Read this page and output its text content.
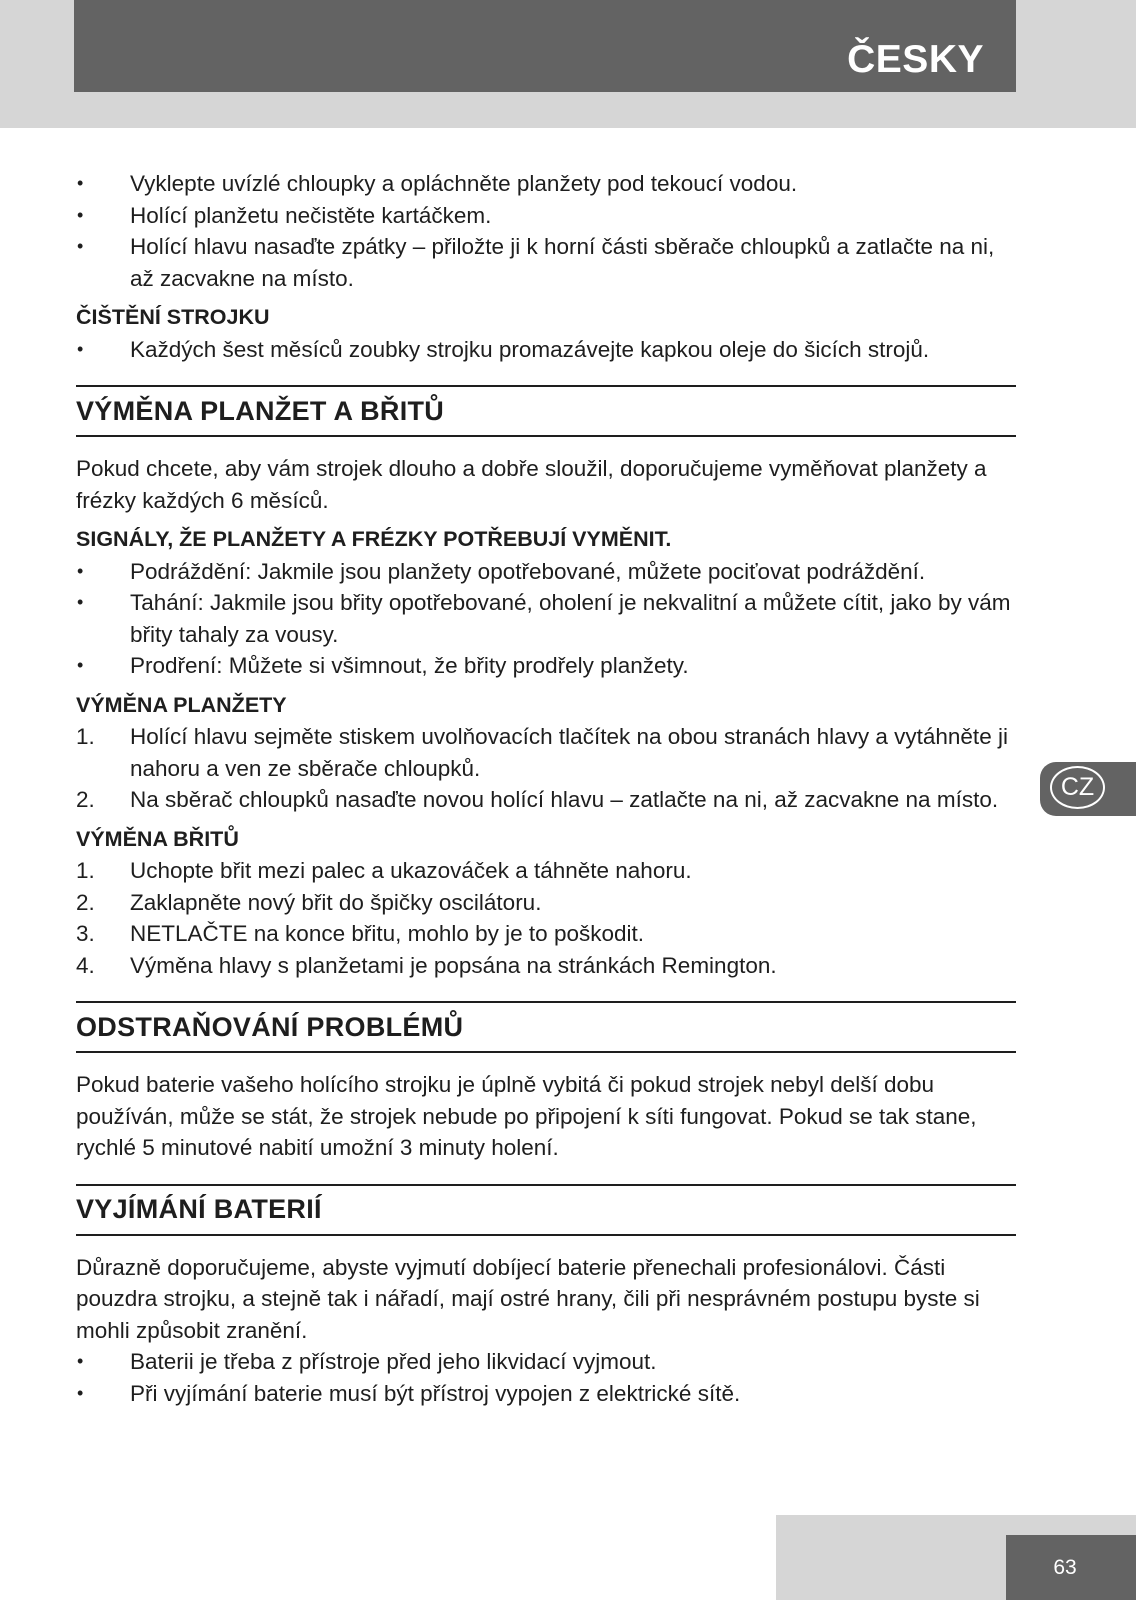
ČESKY
• Vyklepte uvízlé chloupky a opláchněte planžety pod tekoucí vodou.
• Holící planžetu nečistěte kartáčkem.
• Holící hlavu nasaďte zpátky – přiložte ji k horní části sběrače chloupků a zatlačte na ni, až zacvakne na místo.
ČIŠTĚNÍ STROJKU
• Každých šest měsíců zoubky strojku promazávejte kapkou oleje do šicích strojů.
VÝMĚNA PLANŽET A BŘITŮ

Pokud chcete, aby vám strojek dlouho a dobře sloužil, doporučujeme vyměňovat planžety a frézky každých 6 měsíců.

SIGNÁLY, ŽE PLANŽETY A FRÉZKY POTŘEBUJÍ VYMĚNIT.
• Podráždění: Jakmile jsou planžety opotřebované, můžete pociťovat podráždění.
• Tahání: Jakmile jsou břity opotřebované, oholení je nekvalitní a můžete cítit, jako by vám břity tahaly za vousy.
• Prodření: Můžete si všimnout, že břity prodřely planžety.
VÝMĚNA PLANŽETY
1. Holící hlavu sejměte stiskem uvolňovacích tlačítek na obou stranách hlavy a vytáhněte ji nahoru a ven ze sběrače chloupků.
2. Na sběrač chloupků nasaďte novou holící hlavu – zatlačte na ni, až zacvakne na místo.
VÝMĚNA BŘITŮ
1. Uchopte břit mezi palec a ukazováček a táhněte nahoru.
2. Zaklapněte nový břit do špičky oscilátoru.
3. NETLAČTE na konce břitu, mohlo by je to poškodit.
4. Výměna hlavy s planžetami je popsána na stránkách Remington.
ODSTRAŇOVÁNÍ PROBLÉMŮ

Pokud baterie vašeho holícího strojku je úplně vybitá či pokud strojek nebyl delší dobu používán, může se stát, že strojek nebude po připojení k síti fungovat. Pokud se tak stane, rychlé 5 minutové nabití umožní 3 minuty holení.

VYJÍMÁNÍ BATERIÍ

Důrazně doporučujeme, abyste vyjmutí dobíjecí baterie přenechali profesionálovi. Části pouzdra strojku, a stejně tak i nářadí, mají ostré hrany, čili při nesprávném postupu byste si mohli způsobit zranění.

• Baterii je třeba z přístroje před jeho likvidací vyjmout.
• Při vyjímání baterie musí být přístroj vypojen z elektrické sítě.
CZ
63
